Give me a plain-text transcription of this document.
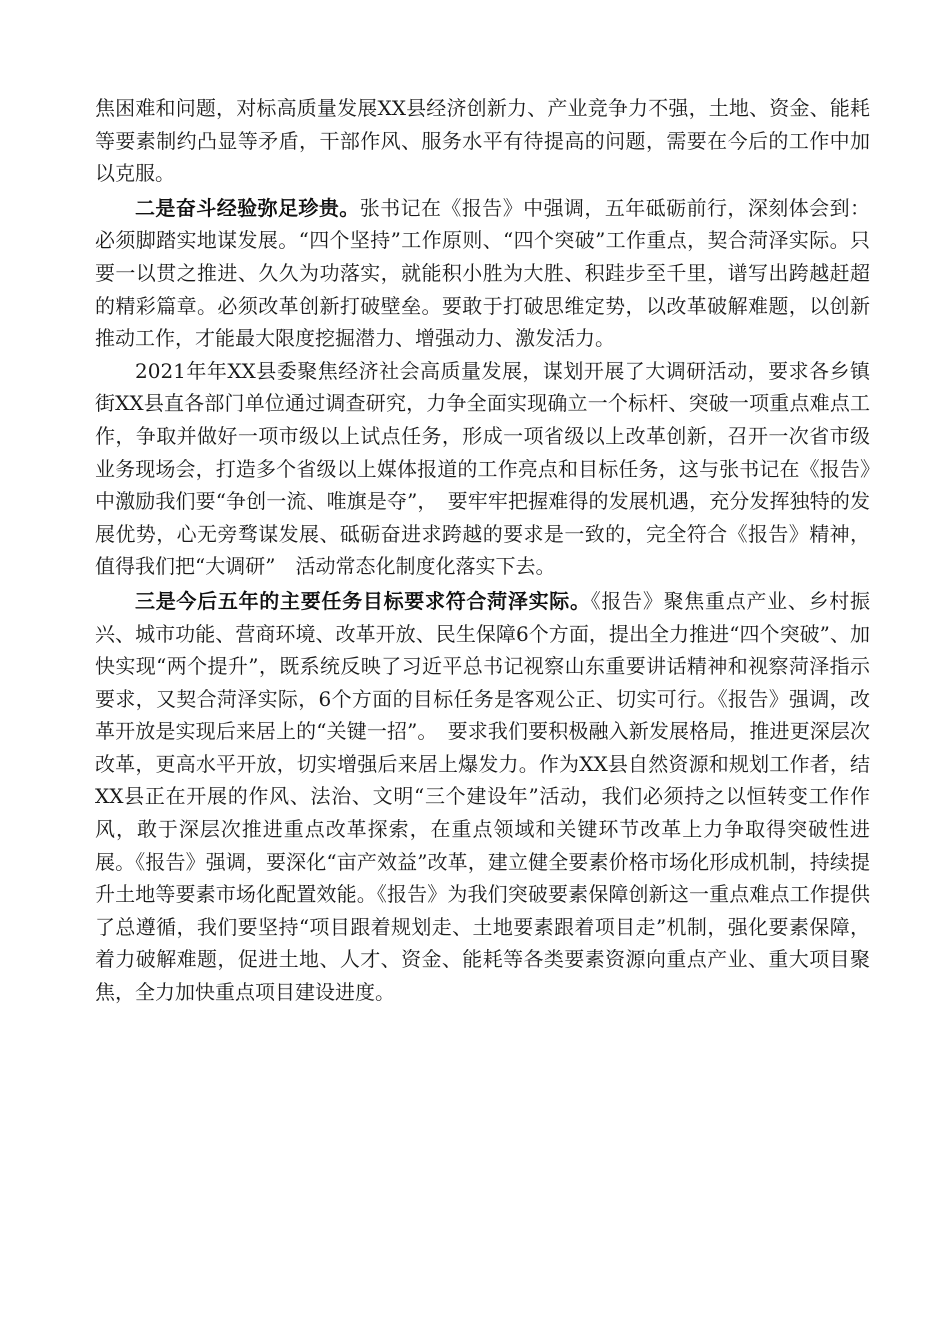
焦困难和问题，对标高质量发展XX县经济创新力、产业竞争力不强，土地、资金、能耗等要素制约凸显等矛盾，干部作风、服务水平有待提高的问题，需要在今后的工作中加以克服。

二是奋斗经验弥足珍贵。张书记在《报告》中强调，五年砥砺前行，深刻体会到：必须脚踏实地谋发展。“四个坚持”工作原则、“四个突破”工作重点，契合菏泽实际。只要一以贯之推进、久久为功落实，就能积小胜为大胜、积跬步至千里，谱写出跨越赶超的精彩篇章。必须改革创新打破壁垒。要敢于打破思维定势，以改革破解难题，以创新推动工作，才能最大限度挖掘潜力、增强动力、激发活力。

2021年年XX县委聚焦经济社会高质量发展，谋划开展了大调研活动，要求各乡镇街XX县直各部门单位通过调查研究，力争全面实现确立一个标杆、突破一项重点难点工作，争取并做好一项市级以上试点任务，形成一项省级以上改革创新，召开一次省市级业务现场会，打造多个省级以上媒体报道的工作亮点和目标任务，这与张书记在《报告》中激励我们要“争创一流、唯旗是夺”，　要牢牢把握难得的发展机遇，充分发挥独特的发展优势，心无旁骛谋发展、砥砺奋进求跨越的要求是一致的，完全符合《报告》精神，值得我们把“大调研”　活动常态化制度化落实下去。

三是今后五年的主要任务目标要求符合菏泽实际。《报告》聚焦重点产业、乡村振兴、城市功能、营商环境、改革开放、民生保障6个方面，提出全力推进“四个突破”、加快实现“两个提升”，既系统反映了习近平总书记视察山东重要讲话精神和视察菏泽指示要求，又契合菏泽实际，6个方面的目标任务是客观公正、切实可行。《报告》强调，改革开放是实现后来居上的“关键一招”。　要求我们要积极融入新发展格局，推进更深层次改革，更高水平开放，切实增强后来居上爆发力。作为XX县自然资源和规划工作者，结XX县正在开展的作风、法治、文明“三个建设年”活动，我们必须持之以恒转变工作作风，敢于深层次推进重点改革探索，在重点领域和关键环节改革上力争取得突破性进展。《报告》强调，要深化“亩产效益”改革，建立健全要素价格市场化形成机制，持续提升土地等要素市场化配置效能。《报告》为我们突破要素保障创新这一重点难点工作提供了总遵循，我们要坚持“项目跟着规划走、土地要素跟着项目走”机制，强化要素保障，着力破解难题，促进土地、人才、资金、能耗等各类要素资源向重点产业、重大项目聚焦，全力加快重点项目建设进度。
